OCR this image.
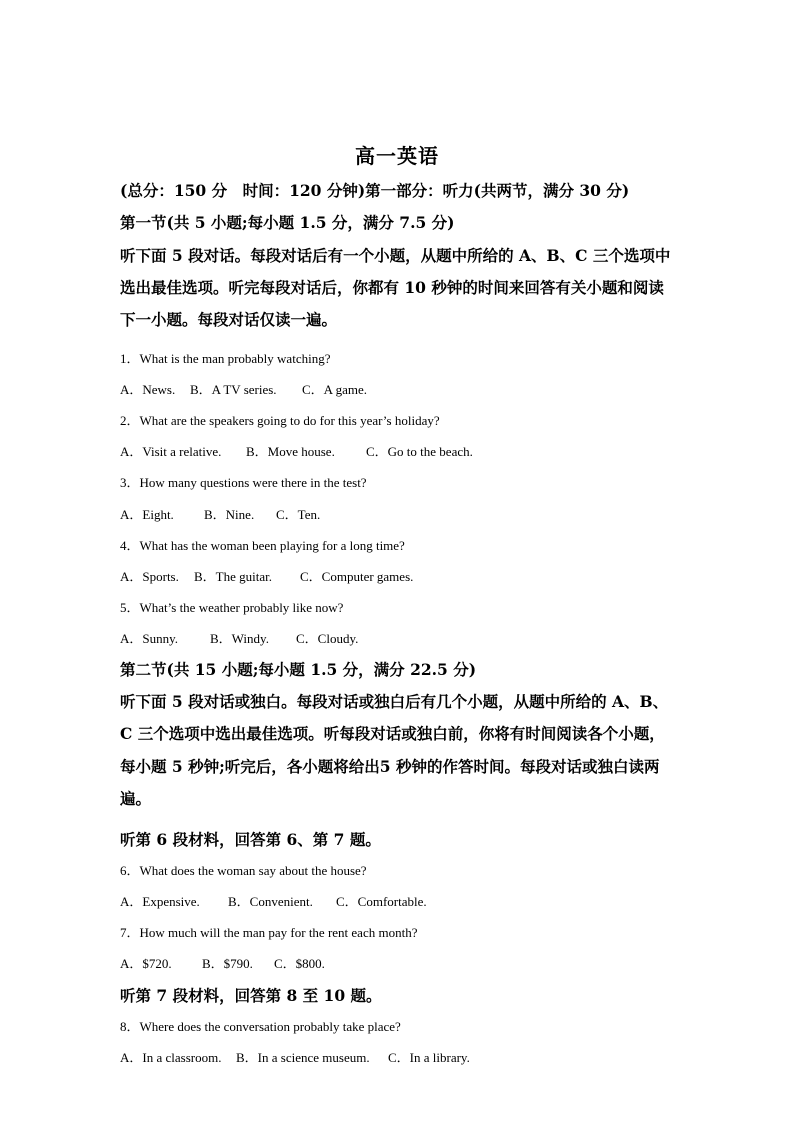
高一英语
(总分：150 分　时间：120 分钟)第一部分：听力(共两节，满分 30 分)
第一节(共 5 小题;每小题 1.5 分，满分 7.5 分)
听下面 5 段对话。每段对话后有一个小题，从题中所给的 A、B、C 三个选项中
选出最佳选项。听完每段对话后，你都有 10 秒钟的时间来回答有关小题和阅读
下一小题。每段对话仅读一遍。
1．What is the man probably watching?
A．News. B．A TV series. C．A game.
2．What are the speakers going to do for this year’s holiday?
A．Visit a relative. B．Move house. C．Go to the beach.
3．How many questions were there in the test?
A．Eight. B．Nine. C．Ten.
4．What has the woman been playing for a long time?
A．Sports. B．The guitar. C．Computer games.
5．What’s the weather probably like now?
A．Sunny. B．Windy. C．Cloudy.
第二节(共 15 小题;每小题 1.5 分，满分 22.5 分)
听下面 5 段对话或独白。每段对话或独白后有几个小题，从题中所给的 A、B、
C 三个选项中选出最佳选项。听每段对话或独白前，你将有时间阅读各个小题，
每小题 5 秒钟;听完后，各小题将给出5 秒钟的作答时间。每段对话或独白读两
遍。
听第 6 段材料，回答第 6、第 7 题。
6．What does the woman say about the house?
A．Expensive. B．Convenient. C．Comfortable.
7．How much will the man pay for the rent each month?
A．$720. B．$790. C．$800.
听第 7 段材料，回答第 8 至 10 题。
8．Where does the conversation probably take place?
A．In a classroom. B．In a science museum. C．In a library.
